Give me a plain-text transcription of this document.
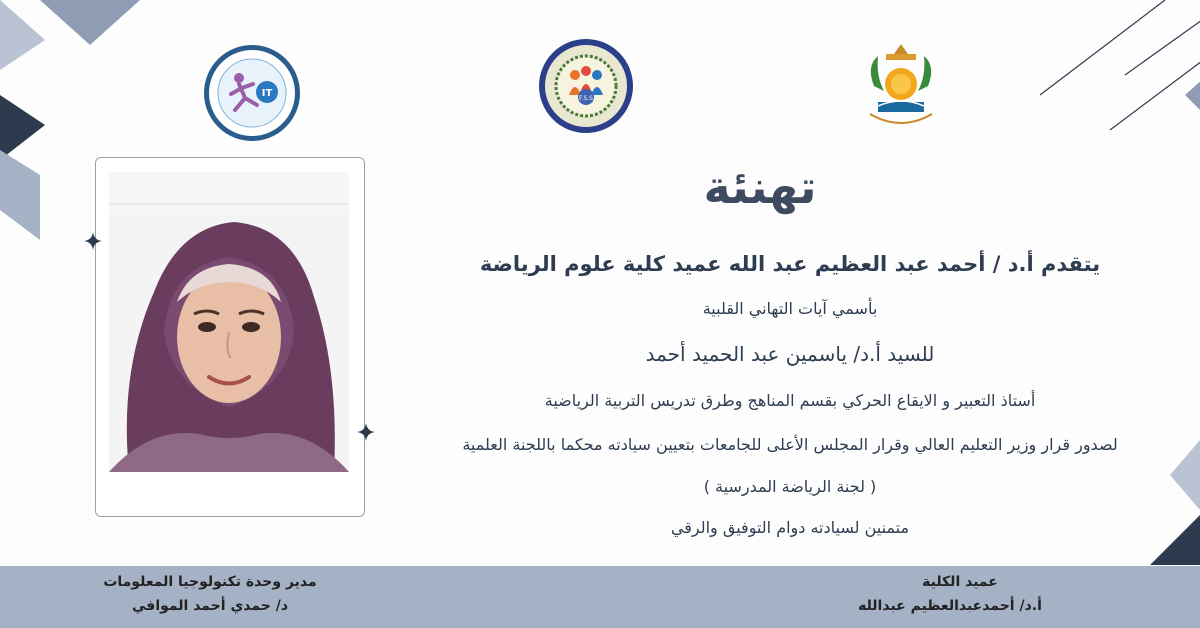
IT	F.S.S
تهنئة
يتقدم أ.د / أحمد عبد العظيم عبد الله عميد كلية علوم الرياضة
بأسمي آيات التهاني القلبية
للسيد أ.د/ ياسمين عبد الحميد أحمد
أستاذ التعبير و الايقاع الحركي بقسم المناهج وطرق تدريس التربية الرياضية
لصدور قرار وزير التعليم العالي وقرار المجلس الأعلى للجامعات بتعيين سيادته محكما باللجنة العلمية
( لجنة الرياضة المدرسية )
متمنين لسيادته دوام التوفيق والرقي
عميد الكلية
أ.د/ أحمدعبدالعظيم عبدالله
مدير وحدة تكنولوجيا المعلومات
د/ حمدي أحمد الموافي
